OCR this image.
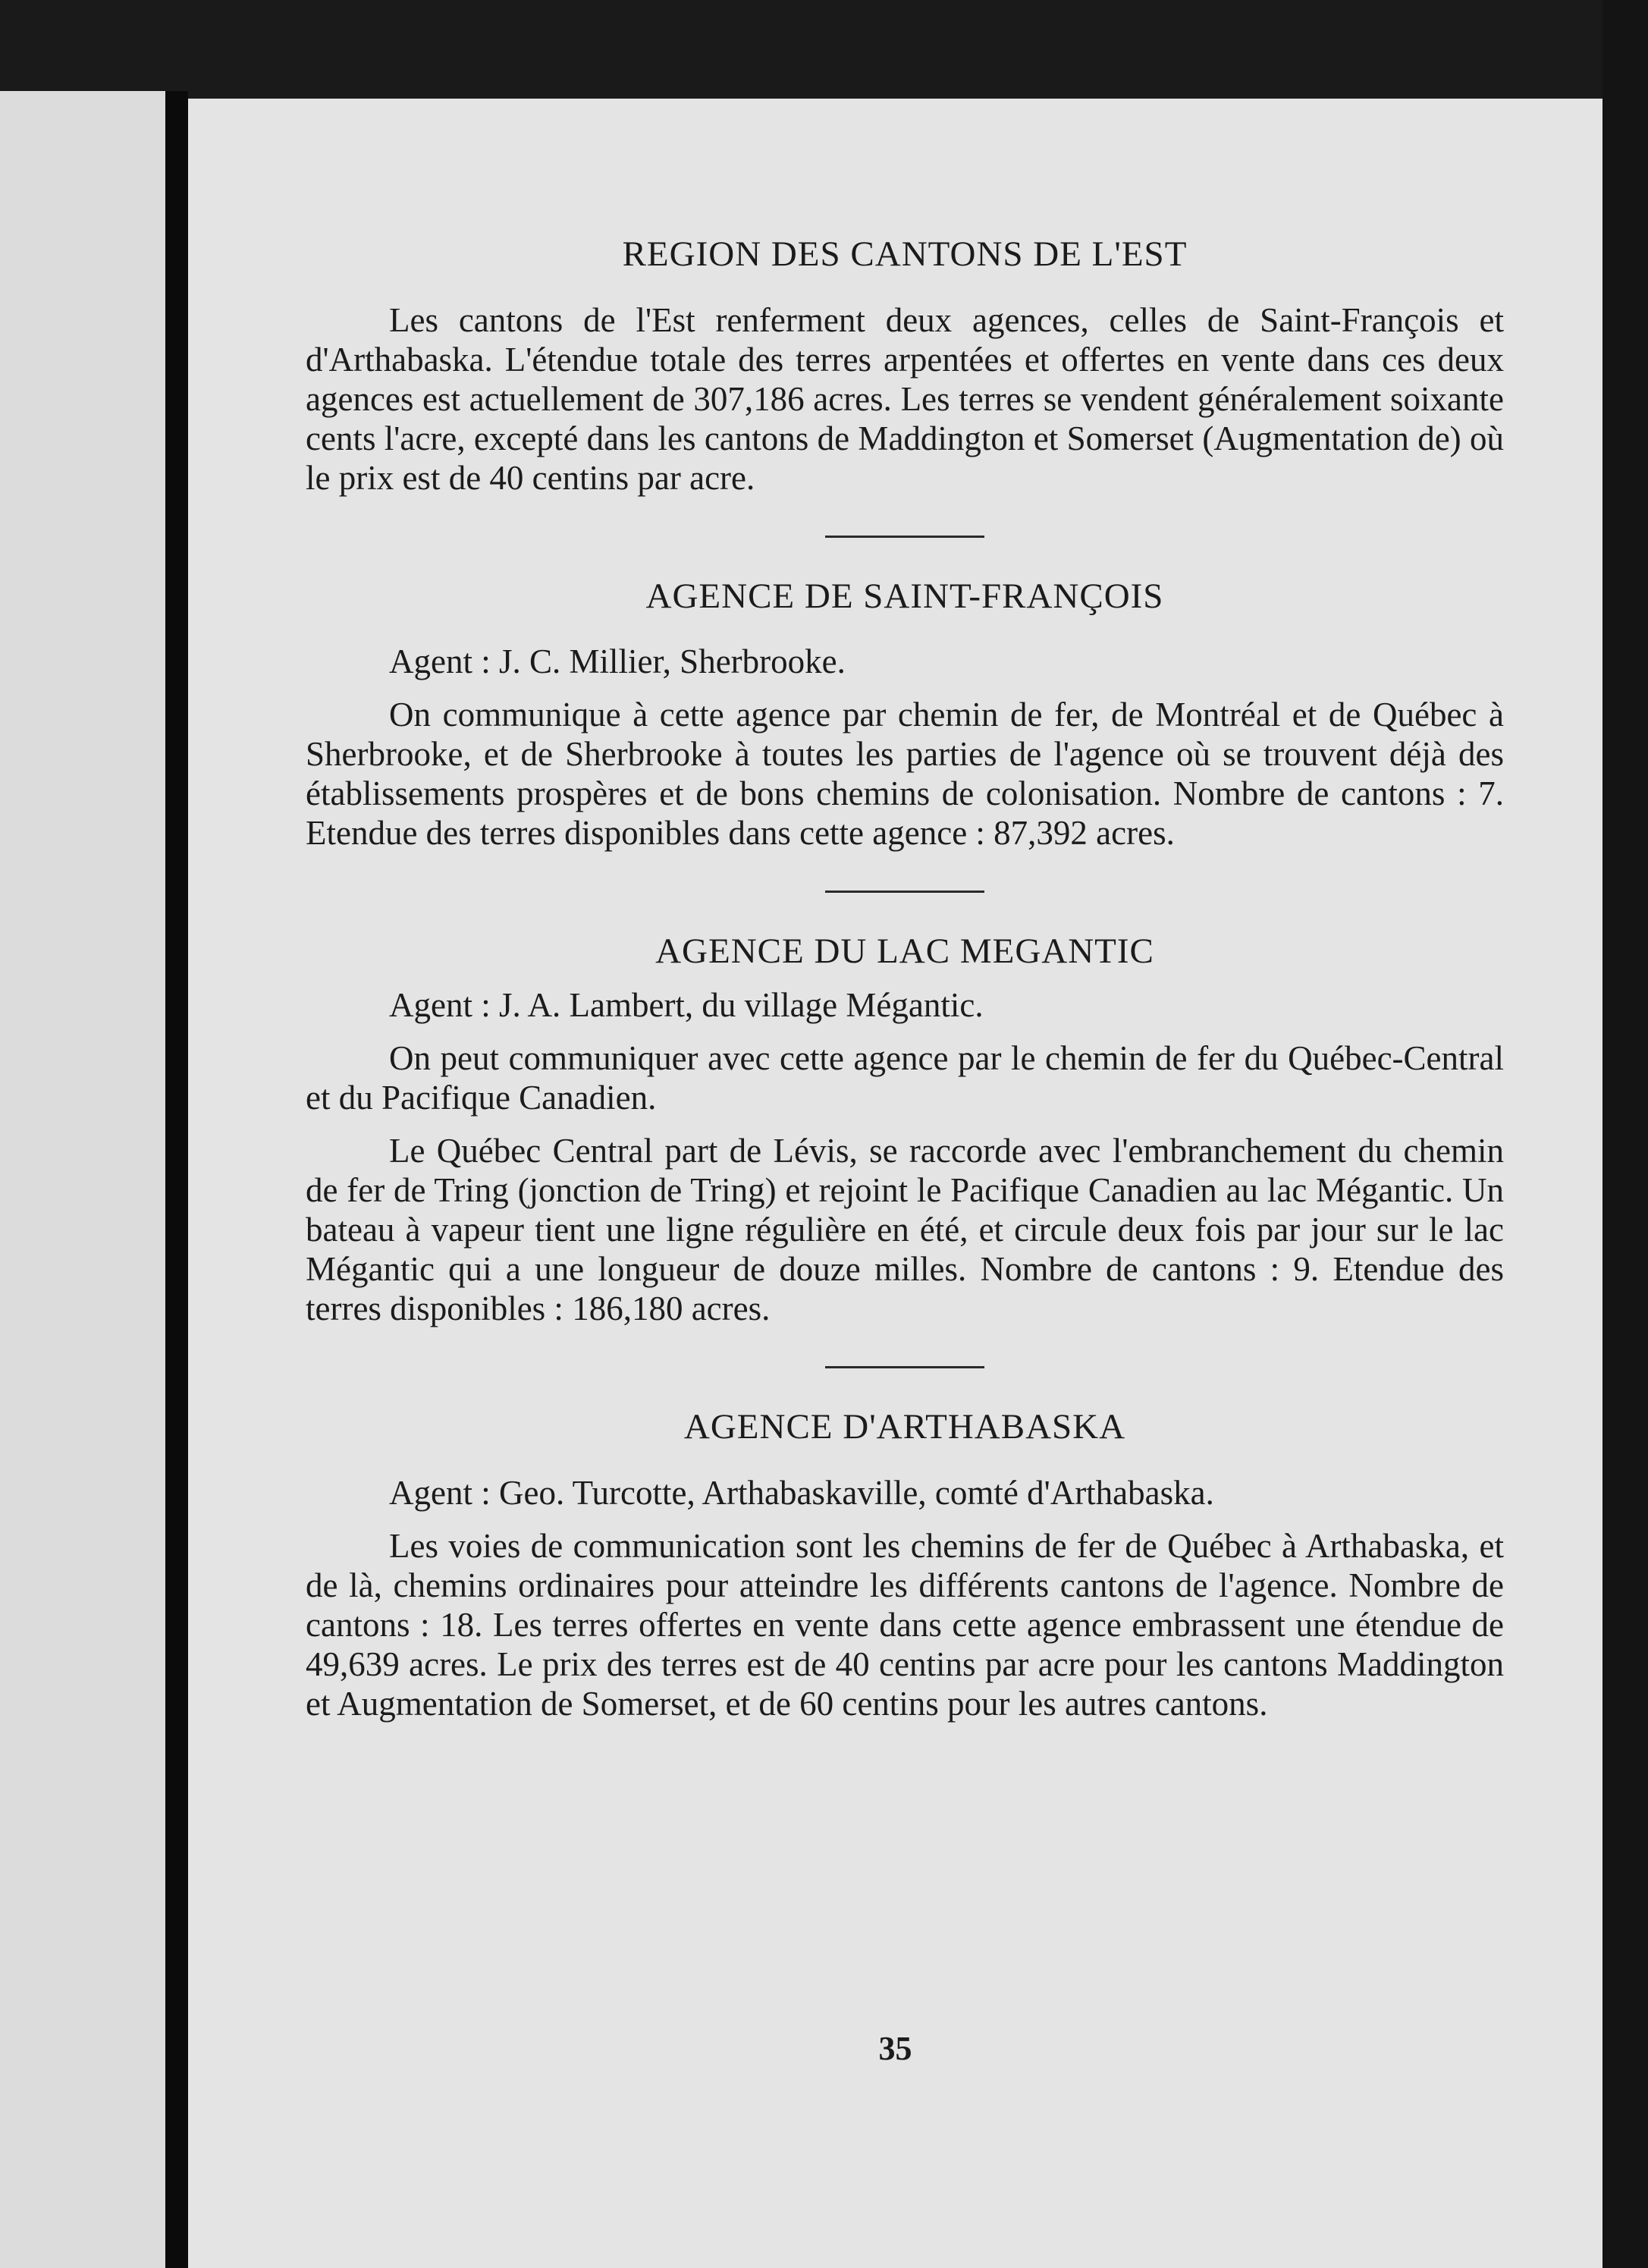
REGION DES CANTONS DE L'EST

Les cantons de l'Est renferment deux agences, celles de Saint-François et d'Arthabaska. L'étendue totale des terres arpentées et offertes en vente dans ces deux agences est actuellement de 307,186 acres. Les terres se vendent généralement soixante cents l'acre, excepté dans les cantons de Maddington et Somerset (Augmentation de) où le prix est de 40 centins par acre.

AGENCE DE SAINT-FRANÇOIS

Agent : J. C. Millier, Sherbrooke.

On communique à cette agence par chemin de fer, de Montréal et de Québec à Sherbrooke, et de Sherbrooke à toutes les parties de l'agence où se trouvent déjà des établissements prospères et de bons chemins de colonisation. Nombre de cantons : 7. Etendue des terres disponibles dans cette agence : 87,392 acres.

AGENCE DU LAC MEGANTIC

Agent : J. A. Lambert, du village Mégantic.

On peut communiquer avec cette agence par le chemin de fer du Québec-Central et du Pacifique Canadien.

Le Québec Central part de Lévis, se raccorde avec l'embranchement du chemin de fer de Tring (jonction de Tring) et rejoint le Pacifique Canadien au lac Mégantic. Un bateau à vapeur tient une ligne régulière en été, et circule deux fois par jour sur le lac Mégantic qui a une longueur de douze milles. Nombre de cantons : 9. Etendue des terres disponibles : 186,180 acres.

AGENCE D'ARTHABASKA

Agent : Geo. Turcotte, Arthabaskaville, comté d'Arthabaska.

Les voies de communication sont les chemins de fer de Québec à Arthabaska, et de là, chemins ordinaires pour atteindre les différents cantons de l'agence. Nombre de cantons : 18. Les terres offertes en vente dans cette agence embrassent une étendue de 49,639 acres. Le prix des terres est de 40 centins par acre pour les cantons Maddington et Augmentation de Somerset, et de 60 centins pour les autres cantons.

35
